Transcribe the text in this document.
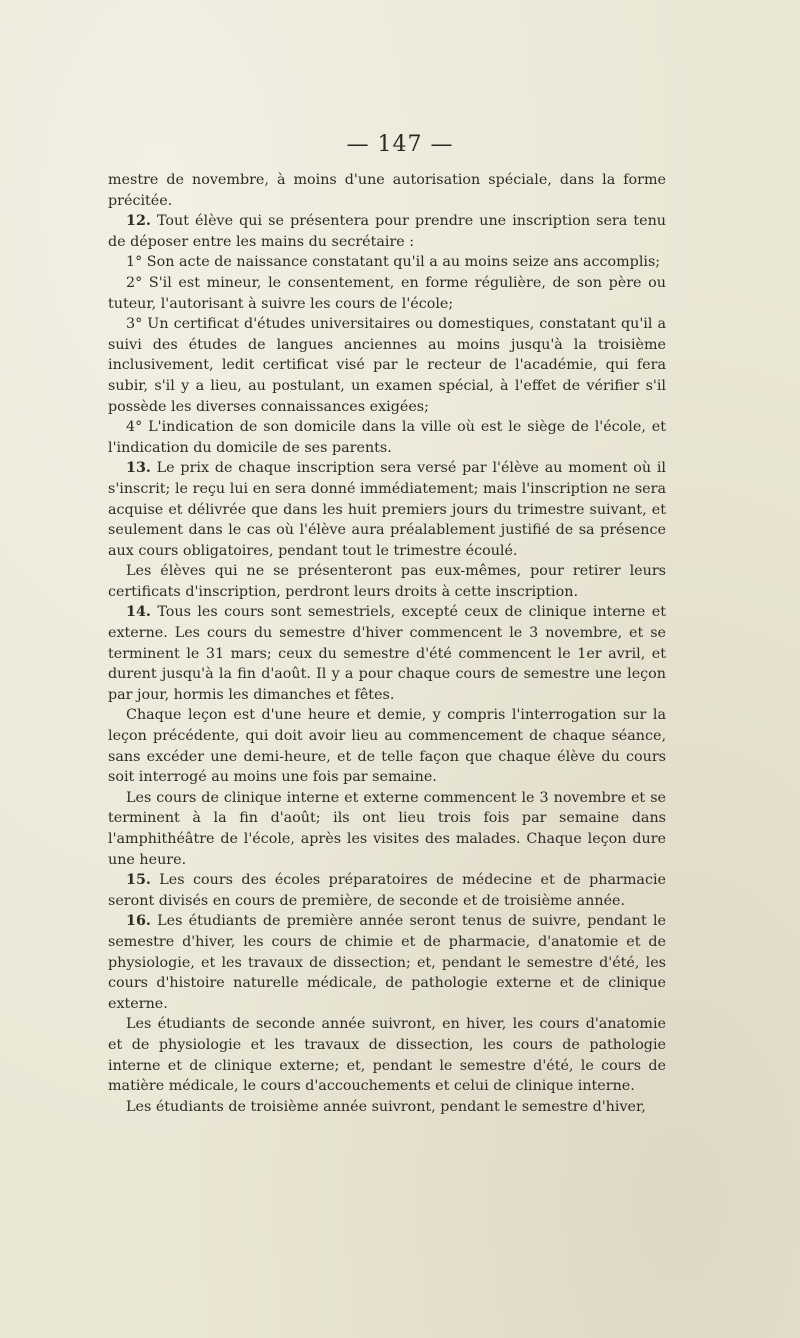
— 147 —

mestre de novembre, à moins d'une autorisation spéciale, dans la forme précitée.

12. Tout élève qui se présentera pour prendre une inscription sera tenu de déposer entre les mains du secrétaire :

1° Son acte de naissance constatant qu'il a au moins seize ans accomplis;

2° S'il est mineur, le consentement, en forme régulière, de son père ou tuteur, l'autorisant à suivre les cours de l'école;

3° Un certificat d'études universitaires ou domestiques, constatant qu'il a suivi des études de langues anciennes au moins jusqu'à la troisième inclusivement, ledit certificat visé par le recteur de l'académie, qui fera subir, s'il y a lieu, au postulant, un examen spécial, à l'effet de vérifier s'il possède les diverses connaissances exigées;

4° L'indication de son domicile dans la ville où est le siège de l'école, et l'indication du domicile de ses parents.

13. Le prix de chaque inscription sera versé par l'élève au moment où il s'inscrit; le reçu lui en sera donné immédiatement; mais l'inscription ne sera acquise et délivrée que dans les huit premiers jours du trimestre suivant, et seulement dans le cas où l'élève aura préalablement justifié de sa présence aux cours obligatoires, pendant tout le trimestre écoulé.

Les élèves qui ne se présenteront pas eux-mêmes, pour retirer leurs certificats d'inscription, perdront leurs droits à cette inscription.

14. Tous les cours sont semestriels, excepté ceux de clinique interne et externe. Les cours du semestre d'hiver commencent le 3 novembre, et se terminent le 31 mars; ceux du semestre d'été commencent le 1er avril, et durent jusqu'à la fin d'août. Il y a pour chaque cours de semestre une leçon par jour, hormis les dimanches et fêtes.

Chaque leçon est d'une heure et demie, y compris l'interrogation sur la leçon précédente, qui doit avoir lieu au commencement de chaque séance, sans excéder une demi-heure, et de telle façon que chaque élève du cours soit interrogé au moins une fois par semaine.

Les cours de clinique interne et externe commencent le 3 novembre et se terminent à la fin d'août; ils ont lieu trois fois par semaine dans l'amphithéâtre de l'école, après les visites des malades. Chaque leçon dure une heure.

15. Les cours des écoles préparatoires de médecine et de pharmacie seront divisés en cours de première, de seconde et de troisième année.

16. Les étudiants de première année seront tenus de suivre, pendant le semestre d'hiver, les cours de chimie et de pharmacie, d'anatomie et de physiologie, et les travaux de dissection; et, pendant le semestre d'été, les cours d'histoire naturelle médicale, de pathologie externe et de clinique externe.

Les étudiants de seconde année suivront, en hiver, les cours d'anatomie et de physiologie et les travaux de dissection, les cours de pathologie interne et de clinique externe; et, pendant le semestre d'été, le cours de matière médicale, le cours d'accouchements et celui de clinique interne.

Les étudiants de troisième année suivront, pendant le semestre d'hiver,
